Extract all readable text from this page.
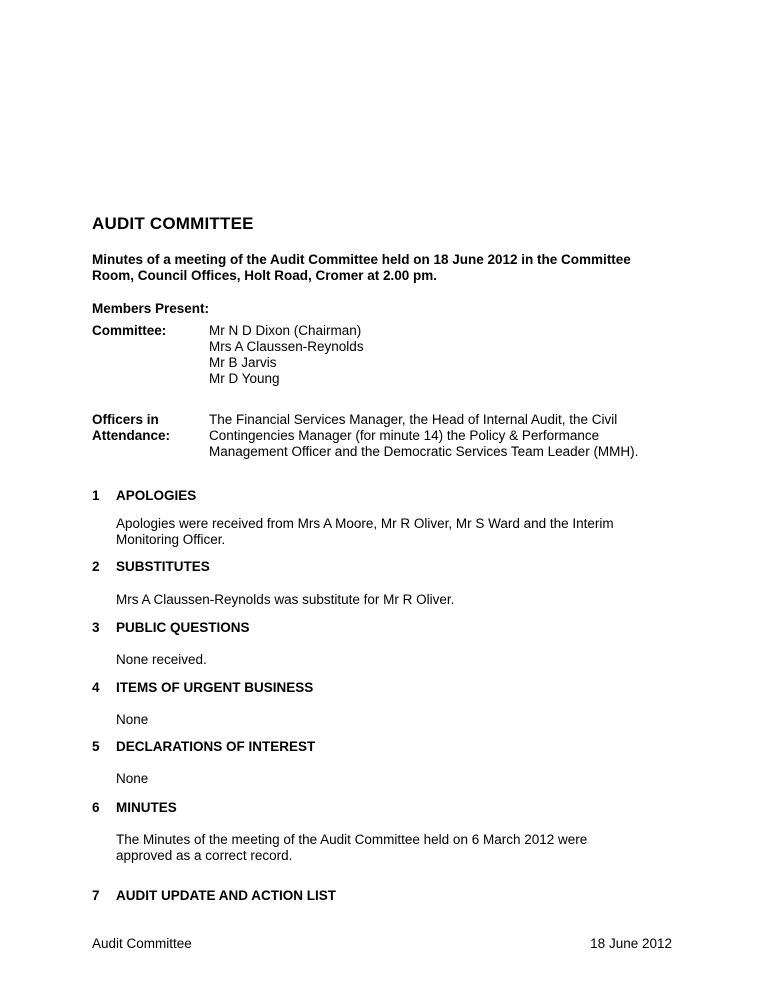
AUDIT COMMITTEE
Minutes of a meeting of the Audit Committee held on 18 June 2012 in the Committee
Room, Council Offices, Holt Road, Cromer at 2.00 pm.
Members Present:
Committee:	Mr N D Dixon (Chairman)
Mrs A Claussen-Reynolds
Mr B Jarvis
Mr D Young
Officers in
Attendance:
The Financial Services Manager, the Head of Internal Audit, the Civil
Contingencies Manager (for minute 14) the Policy & Performance
Management Officer and the Democratic Services Team Leader (MMH).
1 APOLOGIES
Apologies were received from Mrs A Moore, Mr R Oliver, Mr S Ward and the Interim
Monitoring Officer.
2 SUBSTITUTES
Mrs A Claussen-Reynolds was substitute for Mr R Oliver.
3 PUBLIC QUESTIONS
None received.
4 ITEMS OF URGENT BUSINESS
None
5 DECLARATIONS OF INTEREST
None
6 MINUTES
The Minutes of the meeting of the Audit Committee held on 6 March 2012 were
approved as a correct record.
7 AUDIT UPDATE AND ACTION LIST
Audit Committee	18 June 2012
